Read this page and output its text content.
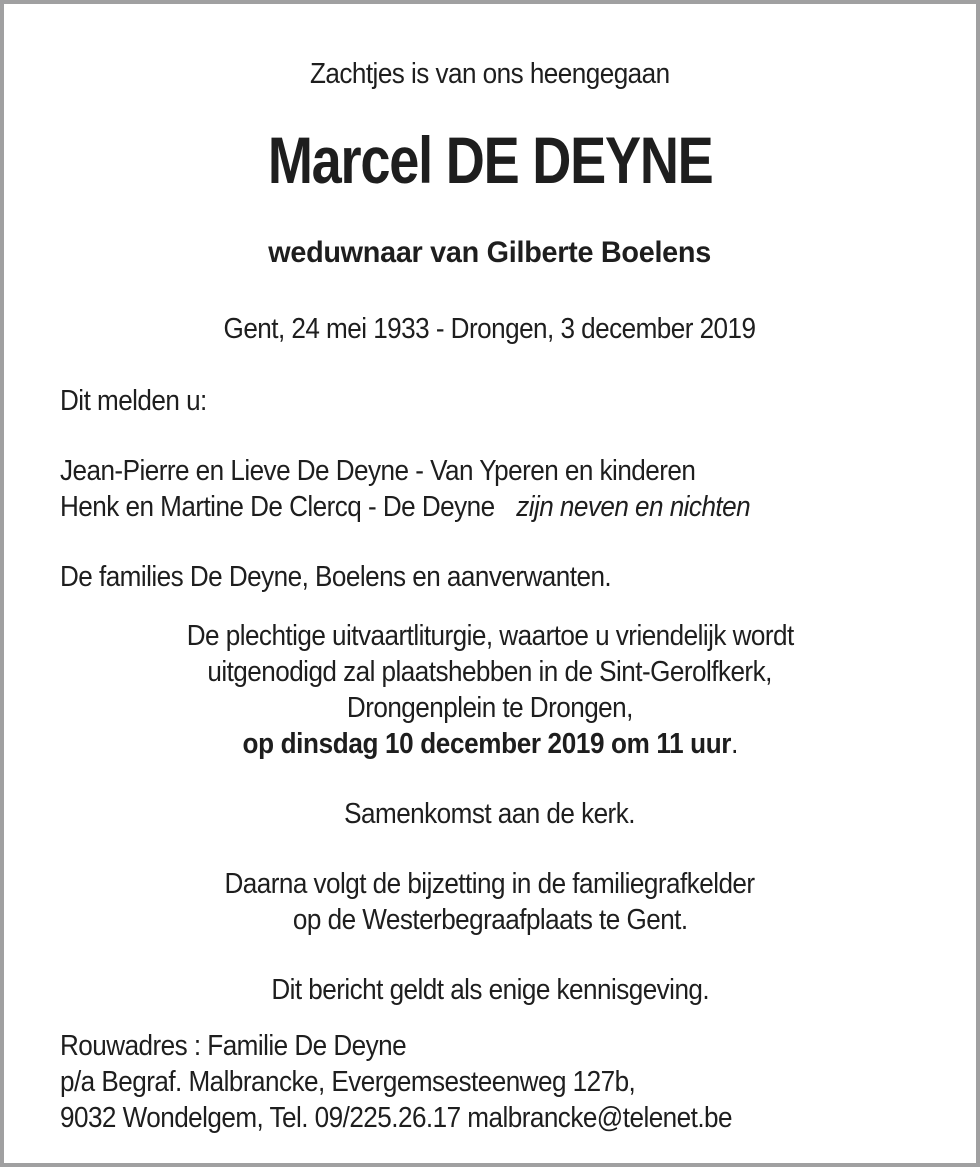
Zachtjes is van ons heengegaan
Marcel DE DEYNE
weduwnaar van Gilberte Boelens
Gent, 24 mei 1933 - Drongen, 3 december 2019
Dit melden u:
Jean-Pierre en Lieve De Deyne - Van Yperen en kinderen
Henk en Martine De Clercq - De Deyne zijn neven en nichten
De families De Deyne, Boelens en aanverwanten.
De plechtige uitvaartliturgie, waartoe u vriendelijk wordt
uitgenodigd zal plaatshebben in de Sint-Gerolfkerk,
Drongenplein te Drongen,
op dinsdag 10 december 2019 om 11 uur.
Samenkomst aan de kerk.
Daarna volgt de bijzetting in de familiegrafkelder
op de Westerbegraafplaats te Gent.
Dit bericht geldt als enige kennisgeving.
Rouwadres : Familie De Deyne
p/a Begraf. Malbrancke, Evergemsesteenweg 127b,
9032 Wondelgem, Tel. 09/225.26.17 malbrancke@telenet.be
